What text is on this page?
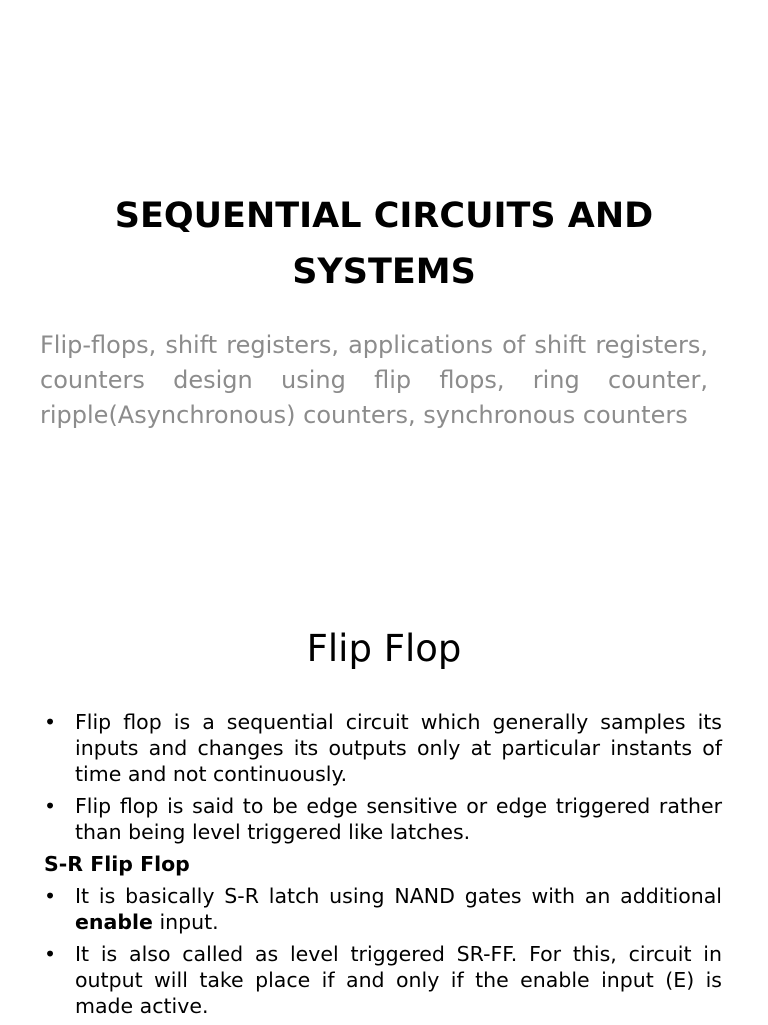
SEQUENTIAL CIRCUITS AND
SYSTEMS
Flip-flops, shift registers, applications of shift registers, counters design using flip flops, ring counter, ripple(Asynchronous) counters, synchronous counters
Flip Flop
• Flip flop is a sequential circuit which generally samples its inputs and changes its outputs only at particular instants of time and not continuously.
• Flip flop is said to be edge sensitive or edge triggered rather than being level triggered like latches.
S-R Flip Flop
• It is basically S-R latch using NAND gates with an additional enable input.
• It is also called as level triggered SR-FF. For this, circuit in output will take place if and only if the enable input (E) is made active.
